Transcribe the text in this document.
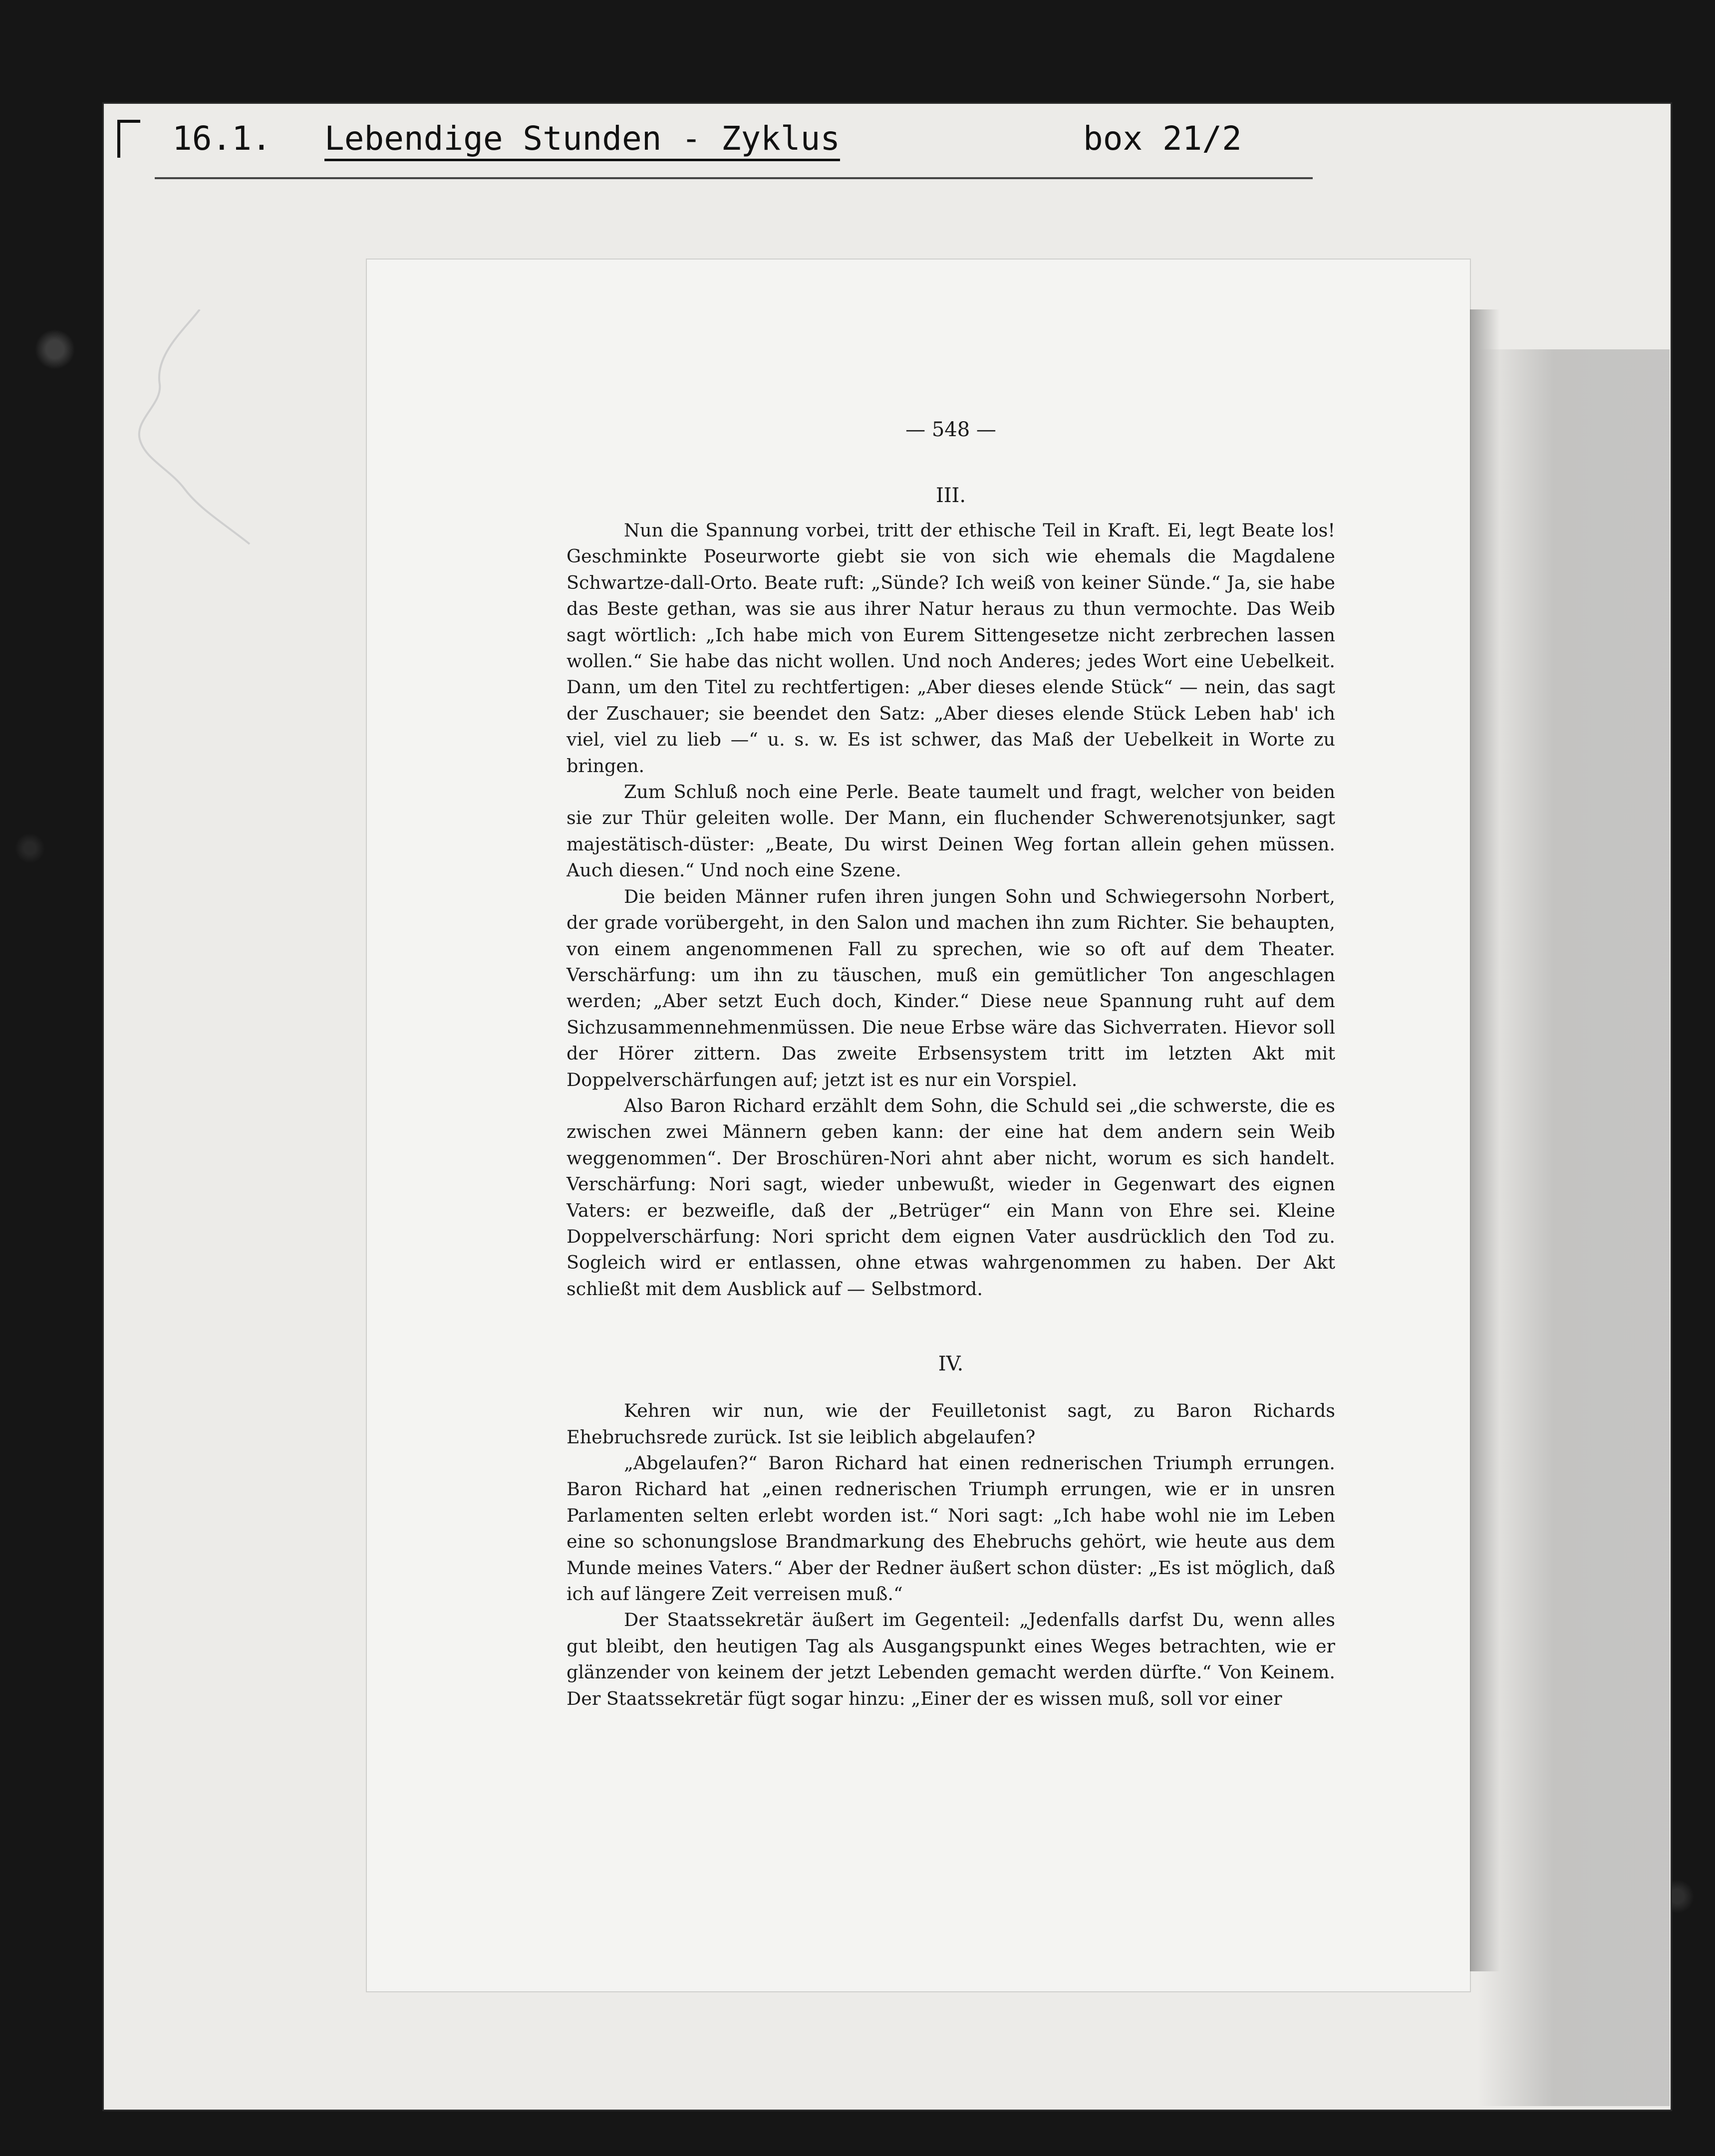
16.1. Lebendige Stunden - Zyklus	box 21/2
— 548 —
III.

Nun die Spannung vorbei, tritt der ethische Teil in Kraft. Ei, legt Beate los! Geschminkte Poseurworte giebt sie von sich wie ehemals die Magdalene Schwartze-dall-Orto. Beate ruft: „Sünde? Ich weiß von keiner Sünde.“ Ja, sie habe das Beste gethan, was sie aus ihrer Natur heraus zu thun vermochte. Das Weib sagt wörtlich: „Ich habe mich von Eurem Sittengesetze nicht zerbrechen lassen wollen.“ Sie habe das nicht wollen. Und noch Anderes; jedes Wort eine Uebelkeit. Dann, um den Titel zu rechtfertigen: „Aber dieses elende Stück“ — nein, das sagt der Zuschauer; sie beendet den Satz: „Aber dieses elende Stück Leben hab' ich viel, viel zu lieb —“ u. s. w. Es ist schwer, das Maß der Uebelkeit in Worte zu bringen.

Zum Schluß noch eine Perle. Beate taumelt und fragt, welcher von beiden sie zur Thür geleiten wolle. Der Mann, ein fluchender Schwerenotsjunker, sagt majestätisch-düster: „Beate, Du wirst Deinen Weg fortan allein gehen müssen. Auch diesen.“ Und noch eine Szene.

Die beiden Männer rufen ihren jungen Sohn und Schwiegersohn Norbert, der grade vorübergeht, in den Salon und machen ihn zum Richter. Sie behaupten, von einem angenommenen Fall zu sprechen, wie so oft auf dem Theater. Verschärfung: um ihn zu täuschen, muß ein gemütlicher Ton angeschlagen werden; „Aber setzt Euch doch, Kinder.“ Diese neue Spannung ruht auf dem Sichzusammennehmenmüssen. Die neue Erbse wäre das Sichverraten. Hievor soll der Hörer zittern. Das zweite Erbsensystem tritt im letzten Akt mit Doppelverschärfungen auf; jetzt ist es nur ein Vorspiel.

Also Baron Richard erzählt dem Sohn, die Schuld sei „die schwerste, die es zwischen zwei Männern geben kann: der eine hat dem andern sein Weib weggenommen“. Der Broschüren-Nori ahnt aber nicht, worum es sich handelt. Verschärfung: Nori sagt, wieder unbewußt, wieder in Gegenwart des eignen Vaters: er bezweifle, daß der „Betrüger“ ein Mann von Ehre sei. Kleine Doppelverschärfung: Nori spricht dem eignen Vater ausdrücklich den Tod zu. Sogleich wird er entlassen, ohne etwas wahrgenommen zu haben. Der Akt schließt mit dem Ausblick auf — Selbstmord.

IV.

Kehren wir nun, wie der Feuilletonist sagt, zu Baron Richards Ehebruchsrede zurück. Ist sie leiblich abgelaufen?

„Abgelaufen?“ Baron Richard hat einen rednerischen Triumph errungen. Baron Richard hat „einen rednerischen Triumph errungen, wie er in unsren Parlamenten selten erlebt worden ist.“ Nori sagt: „Ich habe wohl nie im Leben eine so schonungslose Brandmarkung des Ehebruchs gehört, wie heute aus dem Munde meines Vaters.“ Aber der Redner äußert schon düster: „Es ist möglich, daß ich auf längere Zeit verreisen muß.“

Der Staatssekretär äußert im Gegenteil: „Jedenfalls darfst Du, wenn alles gut bleibt, den heutigen Tag als Ausgangspunkt eines Weges betrachten, wie er glänzender von keinem der jetzt Lebenden gemacht werden dürfte.“ Von Keinem. Der Staatssekretär fügt sogar hinzu: „Einer der es wissen muß, soll vor einer
